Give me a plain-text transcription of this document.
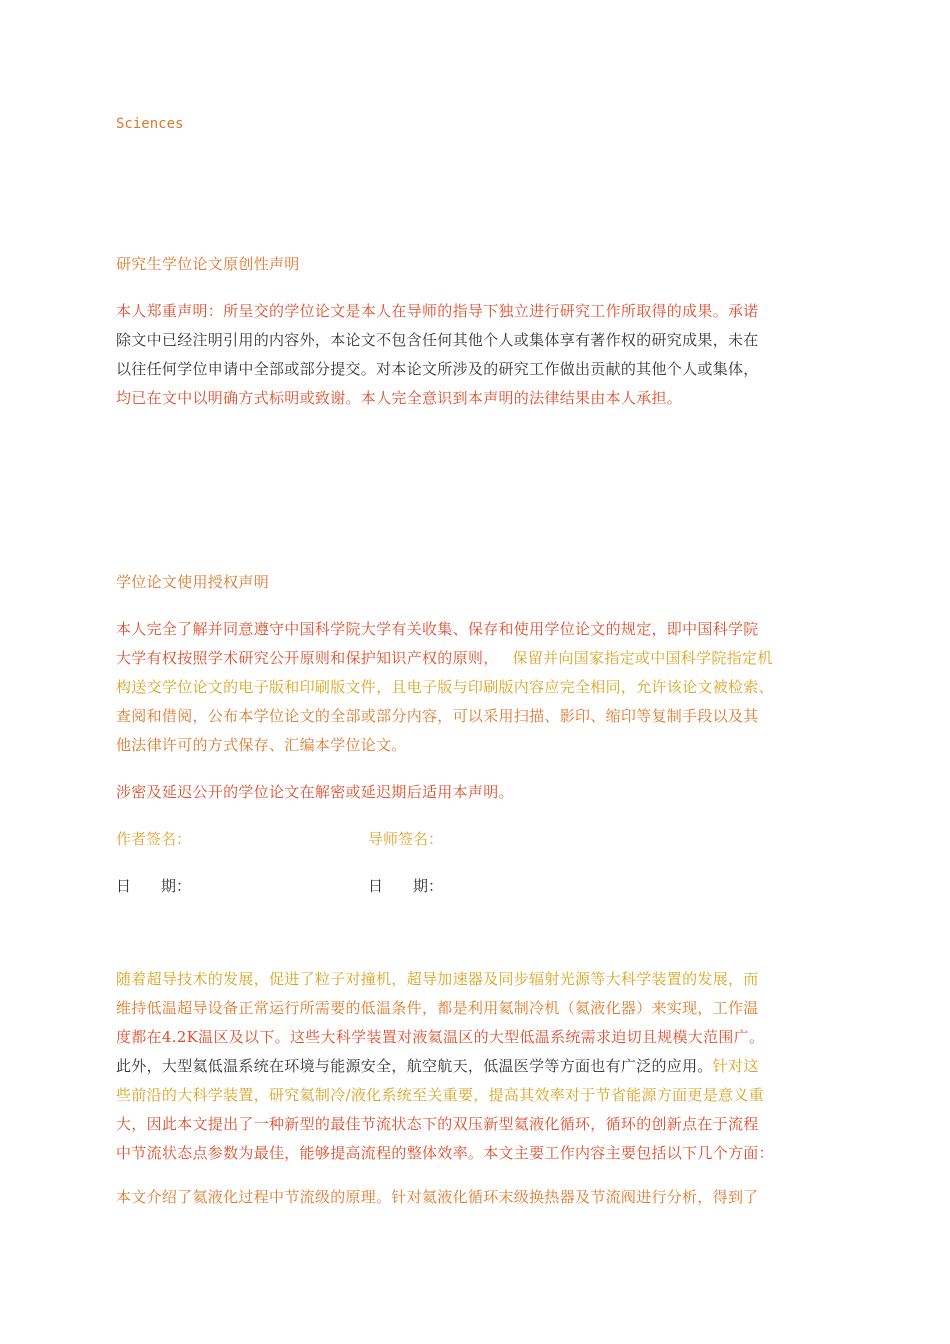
Sciences
研究生学位论文原创性声明
本人郑重声明：所呈交的学位论文是本人在导师的指导下独立进行研究工作所取得的成果。承诺
除文中已经注明引用的内容外，本论文不包含任何其他个人或集体享有著作权的研究成果，未在
以往任何学位申请中全部或部分提交。对本论文所涉及的研究工作做出贡献的其他个人或集体，
均已在文中以明确方式标明或致谢。本人完全意识到本声明的法律结果由本人承担。
学位论文使用授权声明
本人完全了解并同意遵守中国科学院大学有关收集、保存和使用学位论文的规定，即中国科学院
大学有权按照学术研究公开原则和保护知识产权的原则， 保留并向国家指定或中国科学院指定机
构送交学位论文的电子版和印刷版文件，且电子版与印刷版内容应完全相同，允许该论文被检索、
查阅和借阅，公布本学位论文的全部或部分内容，可以采用扫描、影印、缩印等复制手段以及其
他法律许可的方式保存、汇编本学位论文。
涉密及延迟公开的学位论文在解密或延迟期后适用本声明。
作者签名：	导师签名：
日　　期：	日　　期：
随着超导技术的发展，促进了粒子对撞机，超导加速器及同步辐射光源等大科学装置的发展，而
维持低温超导设备正常运行所需要的低温条件，都是利用氦制冷机（氦液化器）来实现，工作温
度都在4.2K温区及以下。这些大科学装置对液氦温区的大型低温系统需求迫切且规模大范围广。
此外，大型氦低温系统在环境与能源安全，航空航天，低温医学等方面也有广泛的应用。针对这
些前沿的大科学装置，研究氦制冷/液化系统至关重要，提高其效率对于节省能源方面更是意义重
大，因此本文提出了一种新型的最佳节流状态下的双压新型氦液化循环，循环的创新点在于流程
中节流状态点参数为最佳，能够提高流程的整体效率。本文主要工作内容主要包括以下几个方面：
本文介绍了氦液化过程中节流级的原理。针对氦液化循环末级换热器及节流阀进行分析，得到了
